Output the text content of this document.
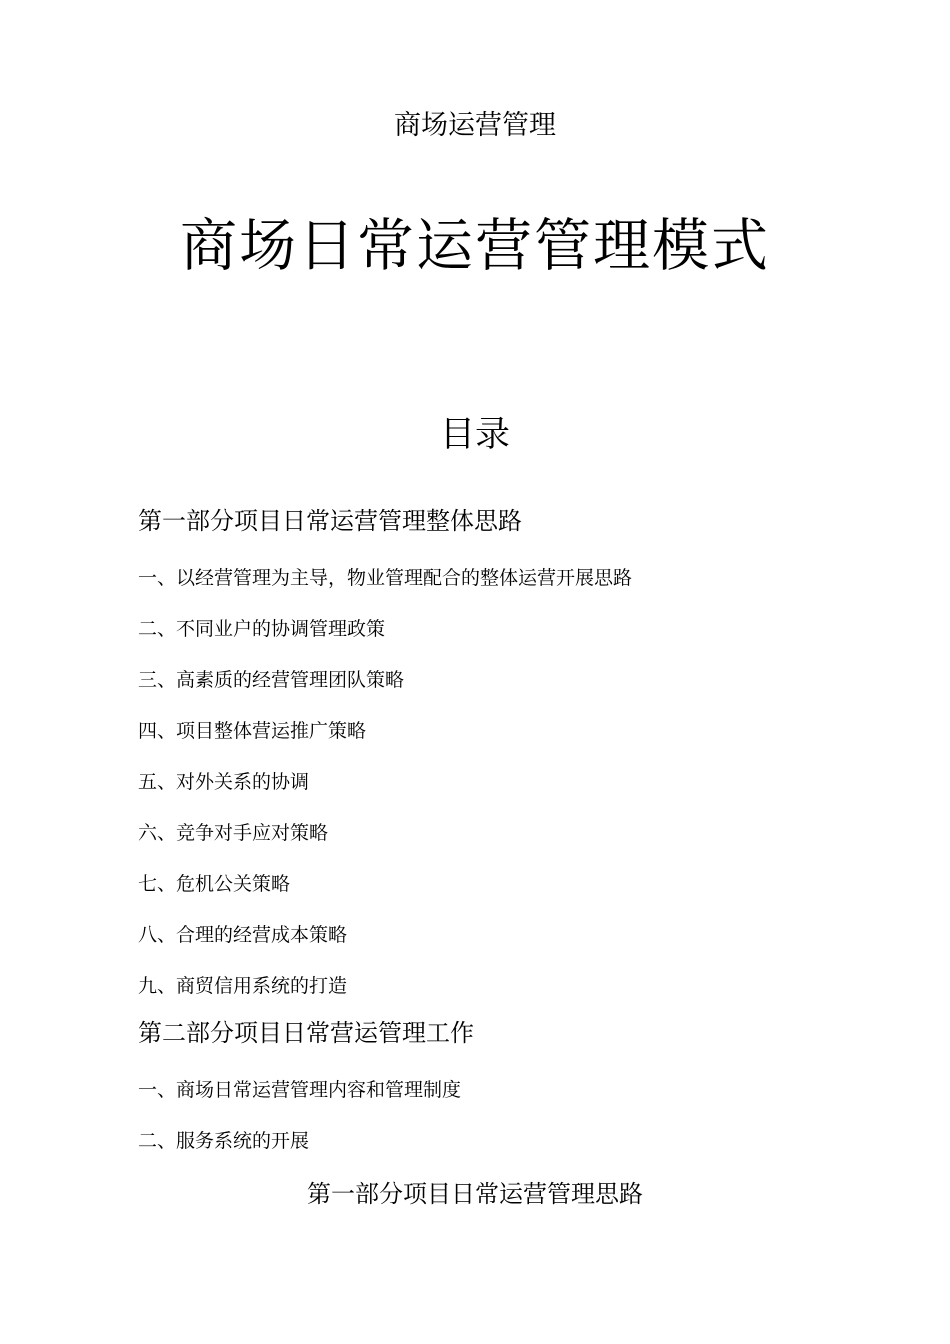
商场运营管理
商场日常运营管理模式
目录
第一部分项目日常运营管理整体思路
一、以经营管理为主导，物业管理配合的整体运营开展思路
二、不同业户的协调管理政策
三、高素质的经营管理团队策略
四、项目整体营运推广策略
五、对外关系的协调
六、竞争对手应对策略
七、危机公关策略
八、合理的经营成本策略
九、商贸信用系统的打造
第二部分项目日常营运管理工作
一、商场日常运营管理内容和管理制度
二、服务系统的开展
第一部分项目日常运营管理思路
